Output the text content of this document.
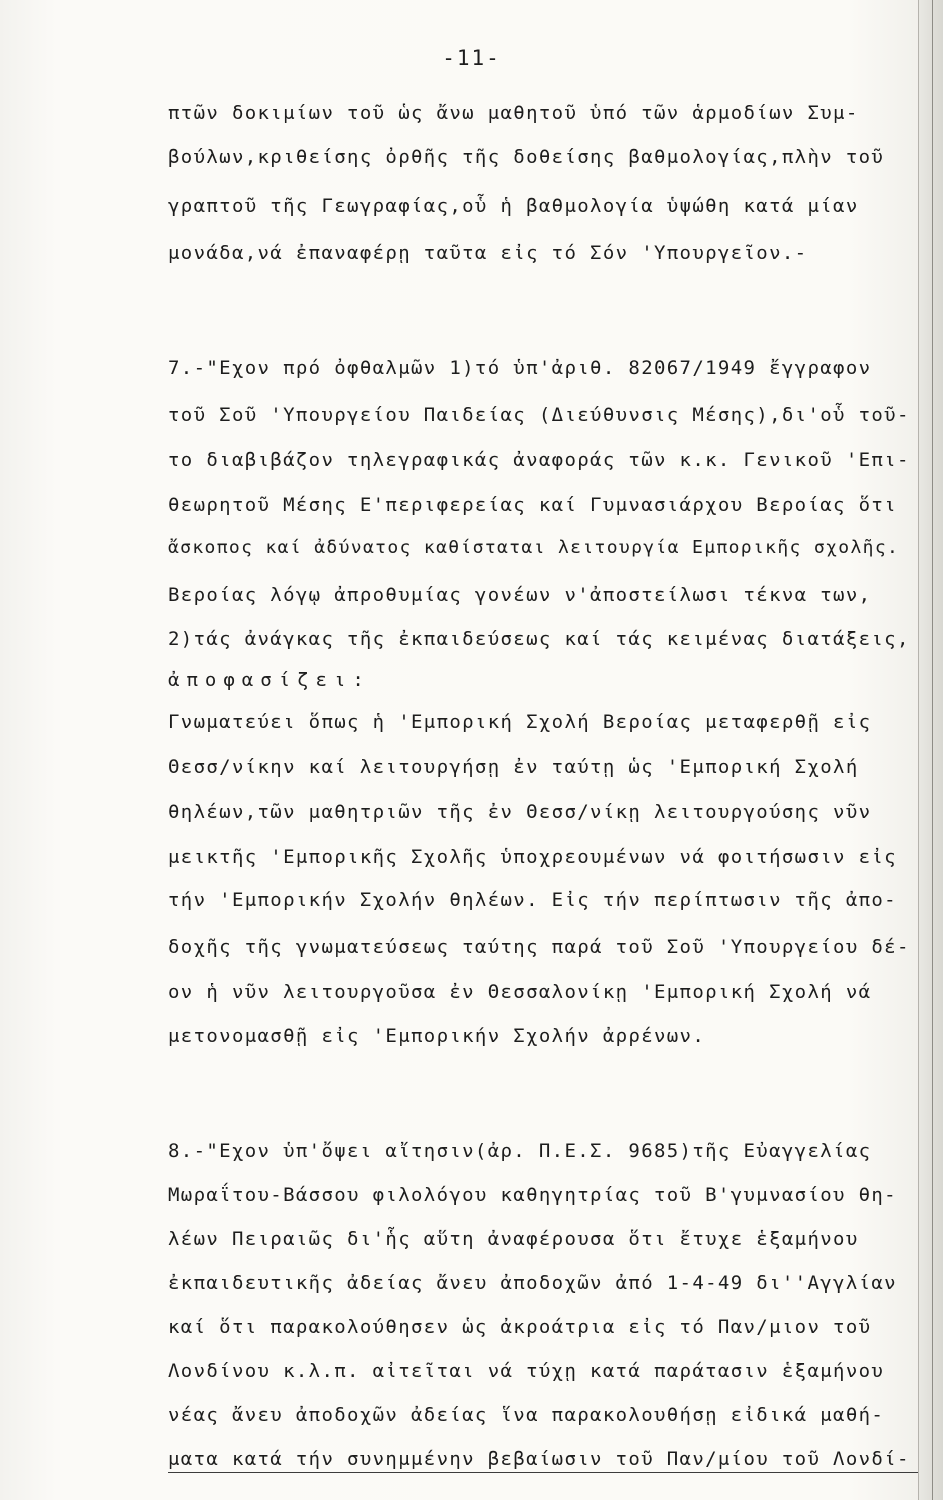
-11-
πτῶν δοκιμίων τοῦ ὡς ἄνω μαθητοῦ ὑπό τῶν ἁρμοδίων Συμ-
βούλων,κριθείσης ὀρθῆς τῆς δοθείσης βαθμολογίας,πλὴν τοῦ
γραπτοῦ τῆς Γεωγραφίας,οὗ ἡ βαθμολογία ὑψώθη κατά μίαν
μονάδα,νά ἐπαναφέρῃ ταῦτα εἰς τό Σόν 'Υπουργεῖον.-
7.-"Εχον πρό ὀφθαλμῶν 1)τό ὑπ'ἀριθ. 82067/1949 ἔγγραφον
τοῦ Σοῦ 'Υπουργείου Παιδείας (Διεύθυνσις Μέσης),δι'οὗ τοῦ-
το διαβιβάζον τηλεγραφικάς ἀναφοράς τῶν κ.κ. Γενικοῦ 'Επι-
θεωρητοῦ Μέσης Ε'περιφερείας καί Γυμνασιάρχου Βεροίας ὅτι
ἄσκοπος καί ἀδύνατος καθίσταται λειτουργία Εμπορικῆς σχολῆς.
Βεροίας λόγῳ ἀπροθυμίας γονέων ν'ἀποστείλωσι τέκνα των,
2)τάς ἀνάγκας τῆς ἐκπαιδεύσεως καί τάς κειμένας διατάξεις,
ἀποφασίζει:
Γνωματεύει ὅπως ἡ 'Εμπορική Σχολή Βεροίας μεταφερθῇ εἰς
Θεσσ/νίκην καί λειτουργήσῃ ἐν ταύτῃ ὡς 'Εμπορική Σχολή
θηλέων,τῶν μαθητριῶν τῆς ἐν Θεσσ/νίκῃ λειτουργούσης νῦν
μεικτῆς 'Εμπορικῆς Σχολῆς ὑποχρεουμένων νά φοιτήσωσιν εἰς
τήν 'Εμπορικήν Σχολήν θηλέων. Εἰς τήν περίπτωσιν τῆς ἀπο-
δοχῆς τῆς γνωματεύσεως ταύτης παρά τοῦ Σοῦ 'Υπουργείου δέ-
ον ἡ νῦν λειτουργοῦσα ἐν Θεσσαλονίκῃ 'Εμπορική Σχολή νά
μετονομασθῇ εἰς 'Εμπορικήν Σχολήν ἀρρένων.
8.-"Εχον ὑπ'ὄψει αἴτησιν(ἀρ. Π.Ε.Σ. 9685)τῆς Εὐαγγελίας
Μωραΐτου-Βάσσου φιλολόγου καθηγητρίας τοῦ Β'γυμνασίου θη-
λέων Πειραιῶς δι'ἧς αὕτη ἀναφέρουσα ὅτι ἔτυχε ἑξαμήνου
ἐκπαιδευτικῆς ἀδείας ἄνευ ἀποδοχῶν ἀπό 1-4-49 δι''Αγγλίαν
καί ὅτι παρακολούθησεν ὡς ἀκροάτρια εἰς τό Παν/μιον τοῦ
Λονδίνου κ.λ.π. αἰτεῖται νά τύχῃ κατά παράτασιν ἑξαμήνου
νέας ἄνευ ἀποδοχῶν ἀδείας ἵνα παρακολουθήσῃ εἰδικά μαθή-
ματα κατά τήν συνημμένην βεβαίωσιν τοῦ Παν/μίου τοῦ Λονδί-
